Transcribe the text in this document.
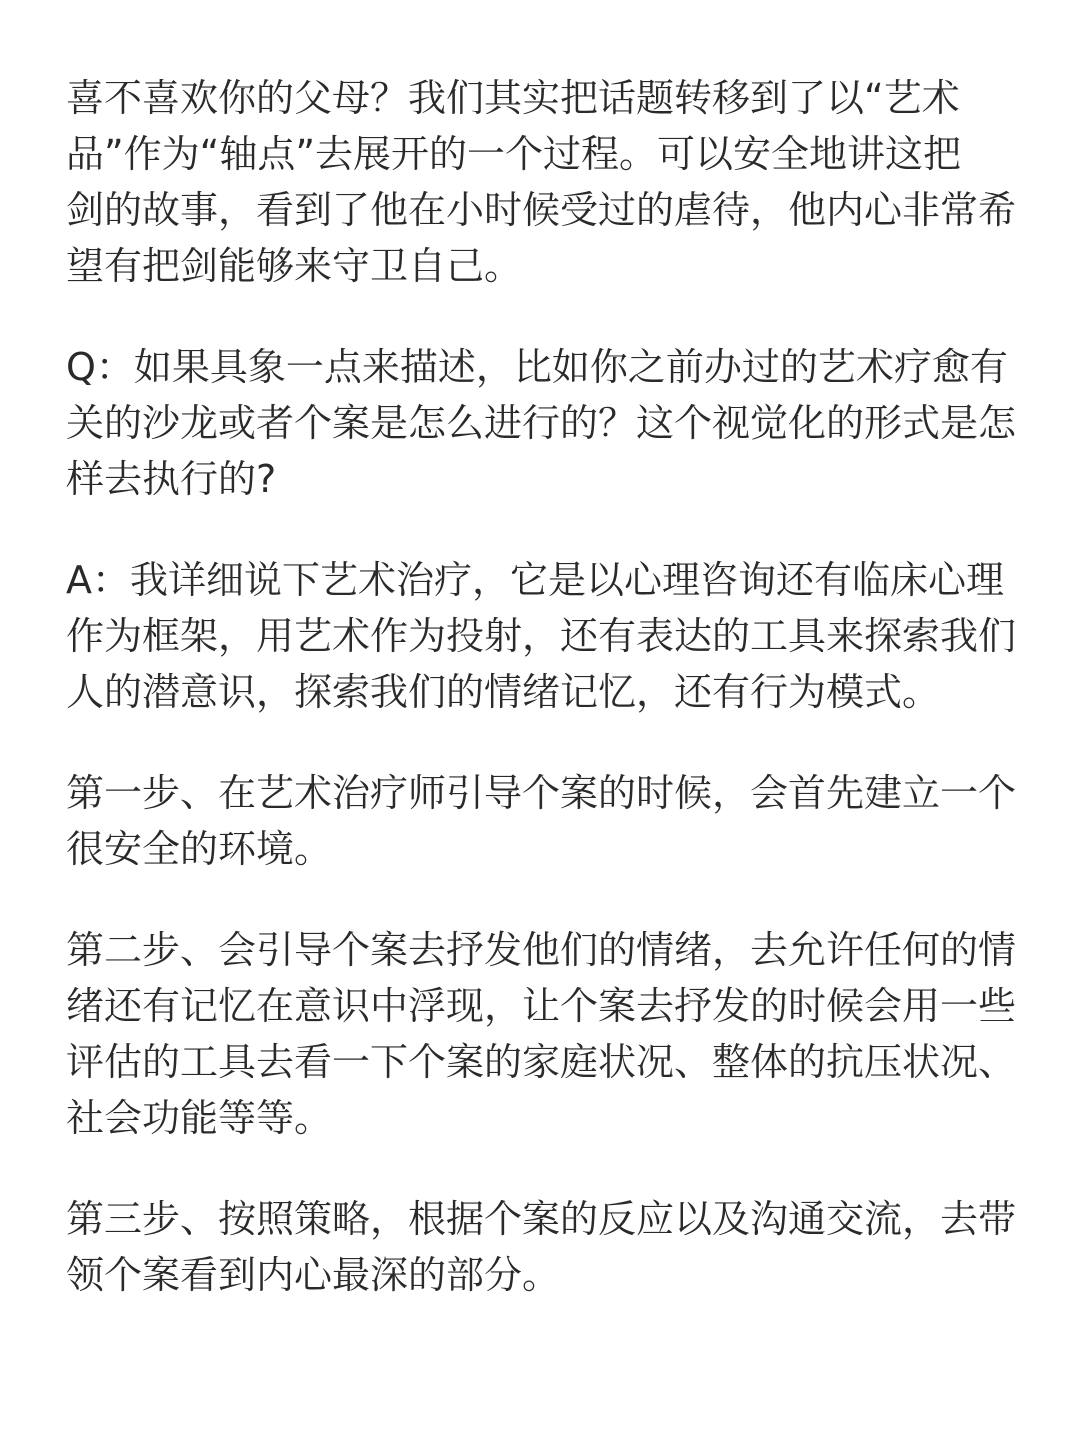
喜不喜欢你的父母？我们其实把话题转移到了以“艺术
品”作为“轴点”去展开的一个过程。可以安全地讲这把
剑的故事，看到了他在小时候受过的虐待，他内心非常希
望有把剑能够来守卫自己。
Q：如果具象一点来描述，比如你之前办过的艺术疗愈有
关的沙龙或者个案是怎么进行的？这个视觉化的形式是怎
样去执行的?
A：我详细说下艺术治疗，它是以心理咨询还有临床心理
作为框架，用艺术作为投射，还有表达的工具来探索我们
人的潜意识，探索我们的情绪记忆，还有行为模式。
第一步、在艺术治疗师引导个案的时候，会首先建立一个
很安全的环境。
第二步、会引导个案去抒发他们的情绪，去允许任何的情
绪还有记忆在意识中浮现，让个案去抒发的时候会用一些
评估的工具去看一下个案的家庭状况、整体的抗压状况、
社会功能等等。
第三步、按照策略，根据个案的反应以及沟通交流，去带
领个案看到内心最深的部分。
